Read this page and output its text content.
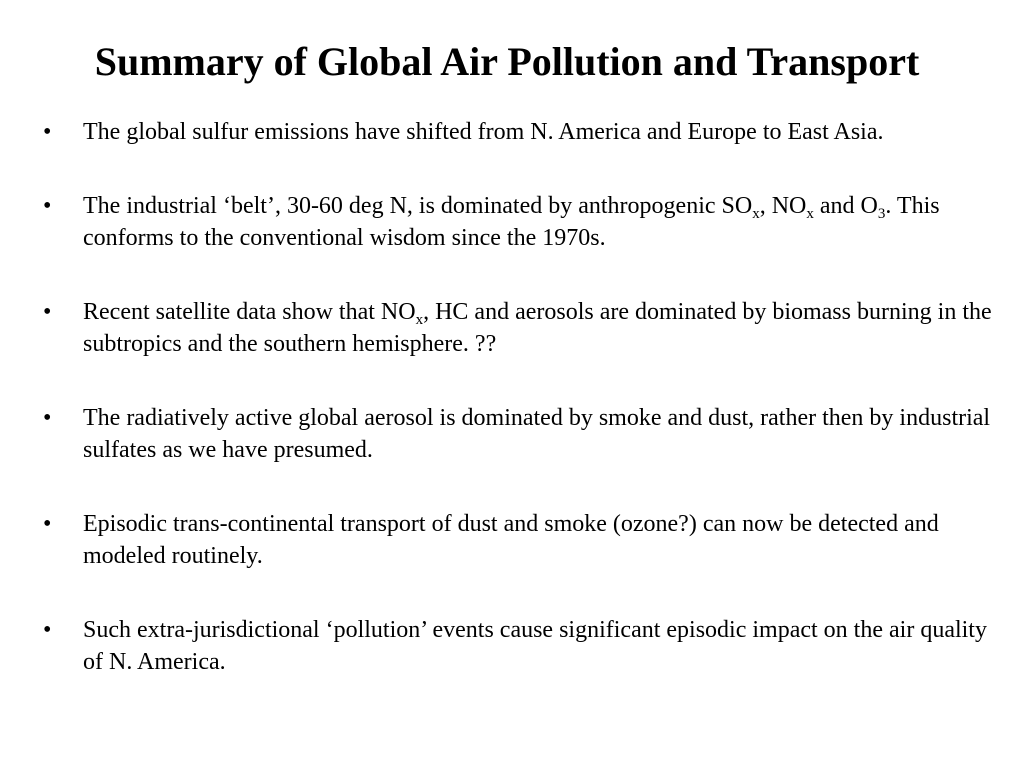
Summary of Global Air Pollution and Transport
•	The global sulfur emissions have shifted from N. America and Europe to East Asia.
•	The industrial ‘belt’, 30-60 deg N, is dominated by anthropogenic $SO_x$, $NO_x$ and $O_3$. This conforms to the conventional wisdom since the 1970s.
•	Recent satellite data show that $NO_x$, HC and aerosols are dominated by biomass burning in the subtropics and the southern hemisphere. ??
•	The radiatively active global aerosol is dominated by smoke and dust, rather then by industrial sulfates as we have presumed.
•	Episodic trans-continental transport of dust and smoke (ozone?) can now be detected and modeled routinely.
•	Such extra-jurisdictional ‘pollution’ events cause significant episodic impact on the air quality of N. America.
